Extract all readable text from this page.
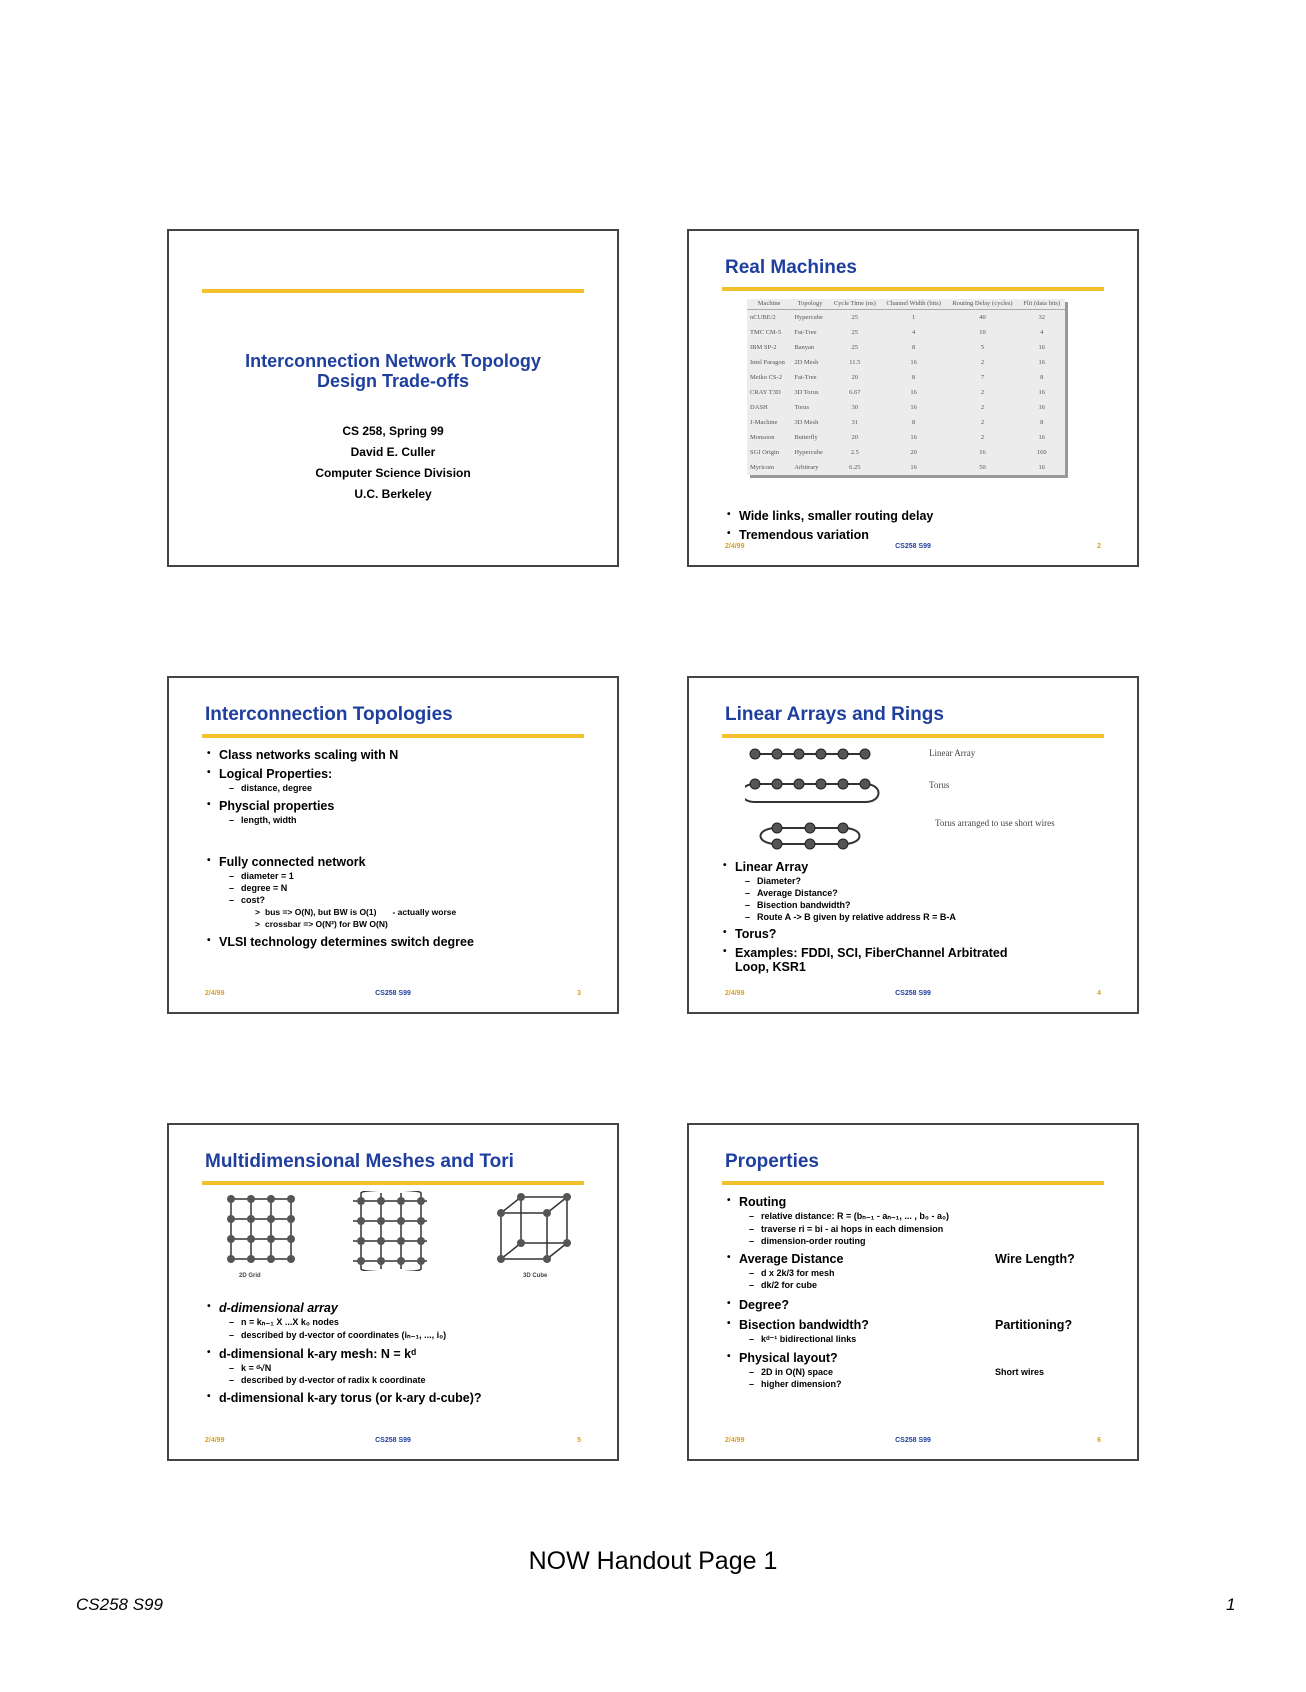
Interconnection Network Topology
Design Trade-offs
CS 258, Spring 99
David E. Culler
Computer Science Division
U.C. Berkeley
Real Machines
Machine	Topology	Cycle Time (ns)	Channel Width (bits)	Routing Delay (cycles)	Flit (data bits)
nCUBE/2	Hypercube	25	1	40	32
TMC CM-5	Fat-Tree	25	4	10	4
IBM SP-2	Banyan	25	8	5	16
Intel Paragon	2D Mesh	11.5	16	2	16
Meiko CS-2	Fat-Tree	20	8	7	8
CRAY T3D	3D Torus	6.67	16	2	16
DASH	Torus	30	16	2	16
J-Machine	3D Mesh	31	8	2	8
Monsoon	Butterfly	20	16	2	16
SGI Origin	Hypercube	2.5	20	16	160
Myricom	Arbitrary	6.25	16	50	16
• Wide links, smaller routing delay
• Tremendous variation
2/4/99	CS258 S99	2
Interconnection Topologies
• Class networks scaling with N
• Logical Properties:
– distance, degree
• Physcial properties
– length, width
• Fully connected network
– diameter = 1
– degree = N
– cost?
> bus => O(N), but BW is O(1) - actually worse
> crossbar => O(N²) for BW O(N)
• VLSI technology determines switch degree
2/4/99	CS258 S99	3
Linear Arrays and Rings
Linear Array
Torus
Torus arranged to use short wires
• Linear Array
– Diameter?
– Average Distance?
– Bisection bandwidth?
– Route A -> B given by relative address R = B-A
• Torus?
• Examples: FDDI, SCI, FiberChannel Arbitrated
Loop, KSR1
2/4/99	CS258 S99	4
Multidimensional Meshes and Tori
2D Grid	3D Cube
• d-dimensional array
– n = kₙ₋₁ X ...X k₀ nodes
– described by d-vector of coordinates (iₙ₋₁, ..., i₀)
• d-dimensional k-ary mesh: N = kᵈ
– k = ᵈ√N
– described by d-vector of radix k coordinate
• d-dimensional k-ary torus (or k-ary d-cube)?
2/4/99	CS258 S99	5
Properties
• Routing
– relative distance: R = (bₙ₋₁ - aₙ₋₁, ... , b₀ - a₀)
– traverse ri = bi - ai hops in each dimension
– dimension-order routing
• Average Distance	Wire Length?
– d x 2k/3 for mesh
– dk/2 for cube
• Degree?
• Bisection bandwidth?	Partitioning?
– kᵈ⁻¹ bidirectional links
• Physical layout?
– 2D in O(N) space	Short wires
– higher dimension?
2/4/99	CS258 S99	6
NOW Handout Page 1
CS258 S99	1
